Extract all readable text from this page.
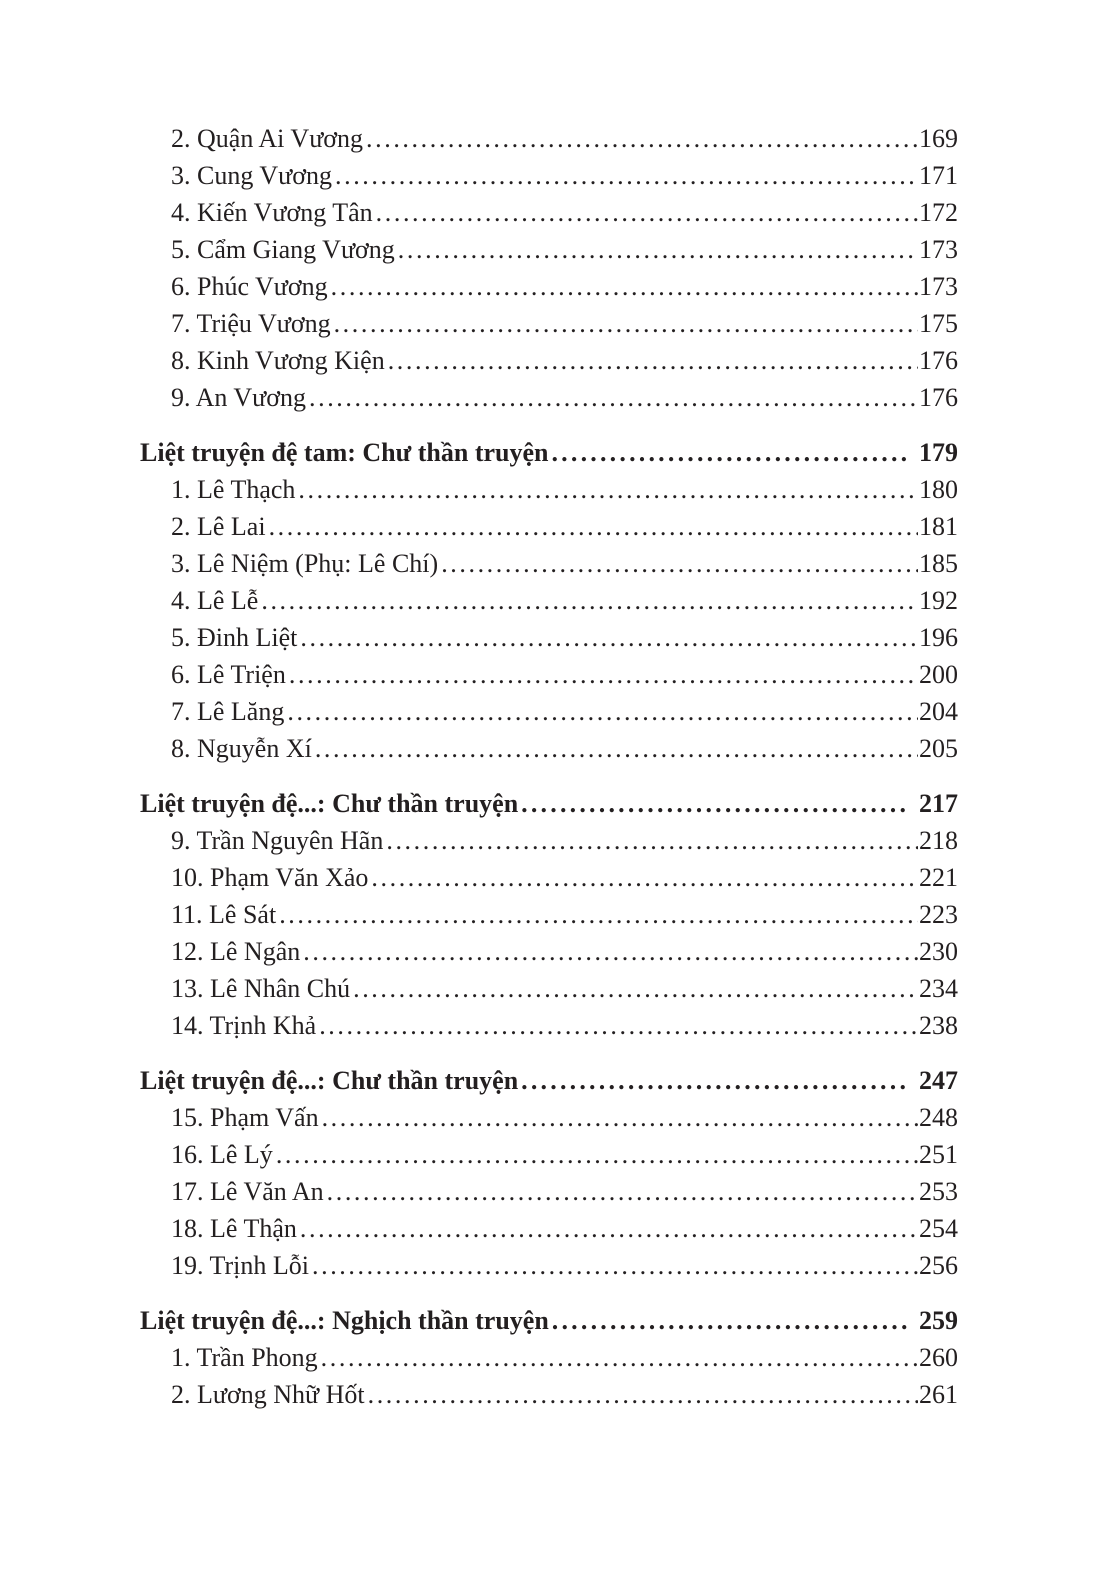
2. Quận Ai Vương .....	169
3. Cung Vương .....	171
4. Kiến Vương Tân .....	172
5. Cẩm Giang Vương .....	173
6. Phúc Vương .....	173
7. Triệu Vương .....	175
8. Kinh Vương Kiện .....	176
9. An Vương .....	176
Liệt truyện đệ tam: Chư thần truyện .....	179
1. Lê Thạch .....	180
2. Lê Lai .....	181
3. Lê Niệm (Phụ: Lê Chí) .....	185
4. Lê Lễ .....	192
5. Đinh Liệt .....	196
6. Lê Triện .....	200
7. Lê Lăng .....	204
8. Nguyễn Xí .....	205
Liệt truyện đệ...: Chư thần truyện .....	217
9. Trần Nguyên Hãn .....	218
10. Phạm Văn Xảo .....	221
11. Lê Sát .....	223
12. Lê Ngân .....	230
13. Lê Nhân Chú .....	234
14. Trịnh Khả .....	238
Liệt truyện đệ...: Chư thần truyện .....	247
15. Phạm Vấn .....	248
16. Lê Lý .....	251
17. Lê Văn An .....	253
18. Lê Thận .....	254
19. Trịnh Lỗi .....	256
Liệt truyện đệ...: Nghịch thần truyện .....	259
1. Trần Phong .....	260
2. Lương Nhữ Hốt .....	261
